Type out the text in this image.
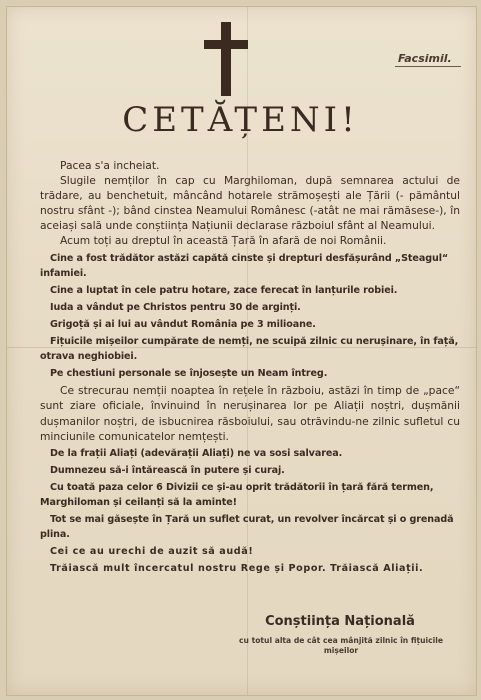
Facsimil.
CETĂȚENI!

Pacea s'a incheiat.

Slugile nemților în cap cu Marghiloman, după semnarea actului de trădare, au benchetuit, mâncând hotarele strămoșești ale Țării (- pământul nostru sfânt -); bând cinstea Neamului Românesc (-atât ne mai rămăsese-), în aceiași sală unde conștiința Națiunii declarase războiul sfânt al Neamului.

Acum toți au dreptul în această Țară în afară de noi Românii.

Cine a fost trădător astăzi capătă cinste și drepturi desfășurând „Steagul“ infamiei.

Cine a luptat în cele patru hotare, zace ferecat în lanțurile robiei.

Iuda a vândut pe Christos pentru 30 de arginți.

Grigoță și ai lui au vândut România pe 3 milioane.

Fițuicile mișeilor cumpărate de nemți, ne scuipă zilnic cu nerușinare, în față, otrava neghiobiei.

Pe chestiuni personale se înjosește un Neam întreg.

Ce strecurau nemții noaptea în rețele în războiu, astăzi în timp de „pace“ sunt ziare oficiale, învinuind în nerușinarea lor pe Aliații noștri, dușmănii dușmanilor noștri, de isbucnirea răsboiului, sau otrăvindu-ne zilnic sufletul cu minciunile comunicatelor nemțești.

De la frații Aliați (adevărații Aliați) ne va sosi salvarea.

Dumnezeu să-i întărească în putere și curaj.

Cu toată paza celor 6 Divizii ce și-au oprit trădătorii în țară fără termen, Marghiloman și ceilanți să la aminte!

Tot se mai găsește în Țară un suflet curat, un revolver încărcat și o grenadă plina.

Cei ce au urechi de auzit să audă!

Trăiască mult încercatul nostru Rege și Popor. Trăiască Aliații.

Conștiința Națională
cu totul alta de cât cea mânjită zilnic în fițuicile mișeilor
